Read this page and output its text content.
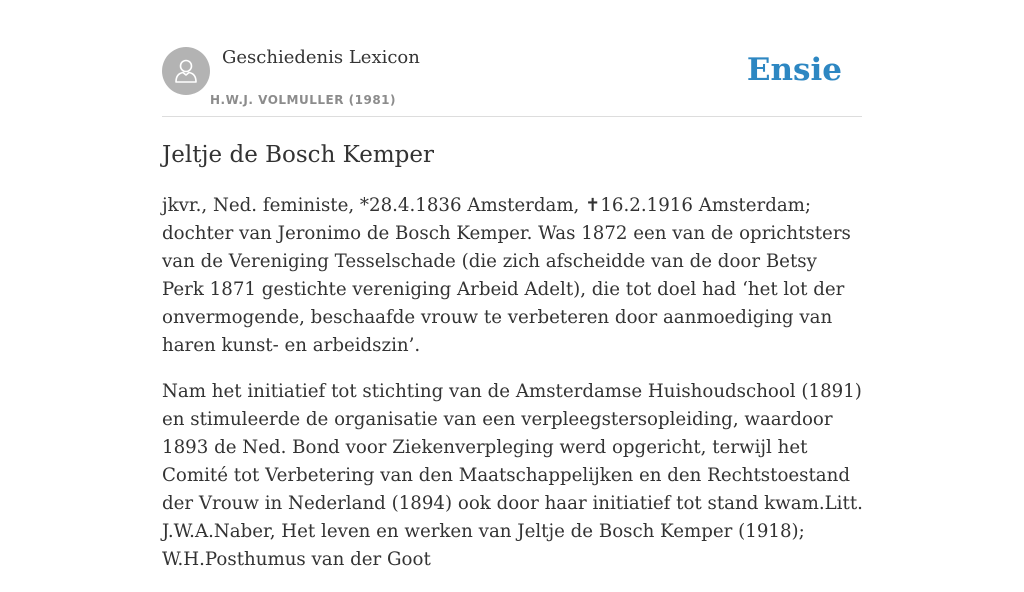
Geschiedenis Lexicon
H.W.J. VOLMULLER (1981)
Ensie
Jeltje de Bosch Kemper

jkvr., Ned. feministe, *28.4.1836 Amsterdam, ✝16.2.1916 Amsterdam; dochter van Jeronimo de Bosch Kemper. Was 1872 een van de oprichtsters van de Vereniging Tesselschade (die zich afscheidde van de door Betsy Perk 1871 gestichte vereniging Arbeid Adelt), die tot doel had ‘het lot der onvermogende, beschaafde vrouw te verbeteren door aanmoediging van haren kunst- en arbeidszin’.

Nam het initiatief tot stichting van de Amsterdamse Huishoudschool (1891) en stimuleerde de organisatie van een verpleegstersopleiding, waardoor 1893 de Ned. Bond voor Ziekenverpleging werd opgericht, terwijl het Comité tot Verbetering van den Maatschappelijken en den Rechtstoestand der Vrouw in Nederland (1894) ook door haar initiatief tot stand kwam.Litt. J.W.A.Naber, Het leven en werken van Jeltje de Bosch Kemper (1918); W.H.Posthumus van der Goot
